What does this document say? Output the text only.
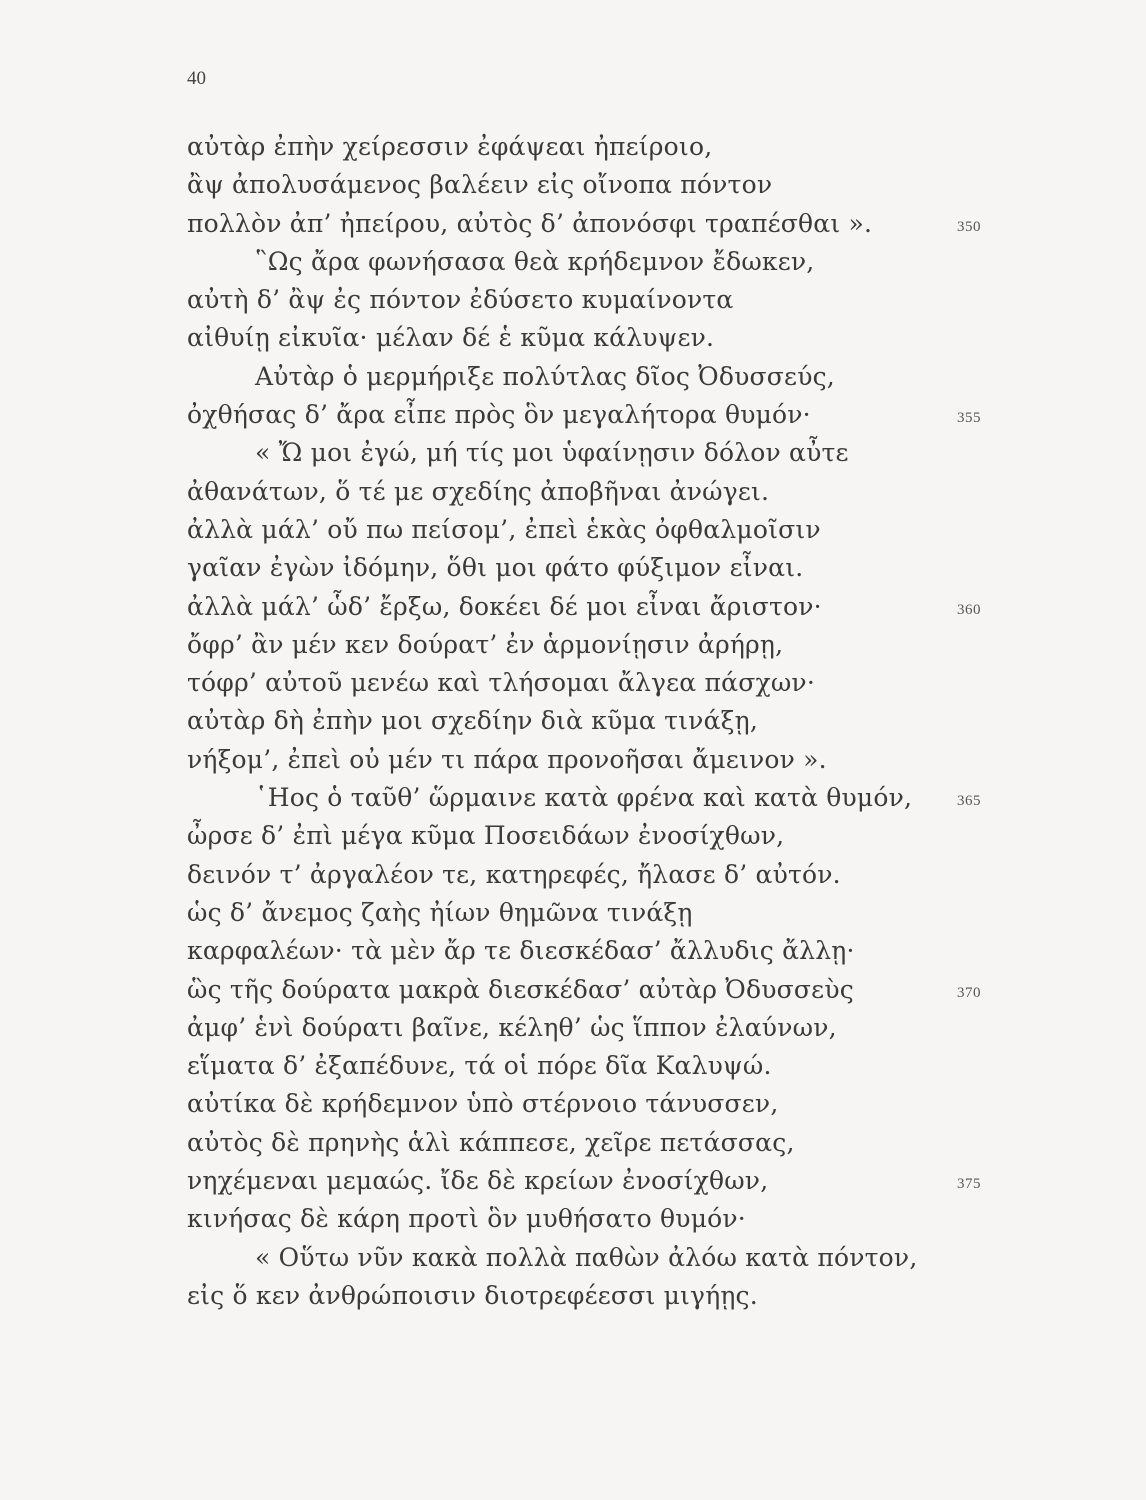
40
αὐτὰρ ἐπὴν χείρεσσιν ἐφάψεαι ἠπείροιο,
ἂψ ἀπολυσάμενος βαλέειν εἰς οἴνοπα πόντον
πολλὸν ἀπ’ ἠπείρου, αὐτὸς δ’ ἀπονόσφι τραπέσθαι ».	350
῝Ως ἄρα φωνήσασα θεὰ κρήδεμνον ἔδωκεν,
αὐτὴ δ’ ἂψ ἐς πόντον ἐδύσετο κυμαίνοντα
αἰθυίῃ εἰκυῖα· μέλαν δέ ἑ κῦμα κάλυψεν.
Αὐτὰρ ὁ μερμήριξε πολύτλας δῖος Ὀδυσσεύς,
ὀχθήσας δ’ ἄρα εἶπε πρὸς ὃν μεγαλήτορα θυμόν·	355
« Ὤ μοι ἐγώ, μή τίς μοι ὑφαίνῃσιν δόλον αὖτε
ἀθανάτων, ὅ τέ με σχεδίης ἀποβῆναι ἀνώγει.
ἀλλὰ μάλ’ οὔ πω πείσομ’, ἐπεὶ ἑκὰς ὀφθαλμοῖσιν
γαῖαν ἐγὼν ἰδόμην, ὅθι μοι φάτο φύξιμον εἶναι.
ἀλλὰ μάλ’ ὧδ’ ἔρξω, δοκέει δέ μοι εἶναι ἄριστον·	360
ὄφρ’ ἂν μέν κεν δούρατ’ ἐν ἁρμονίῃσιν ἀρήρῃ,
τόφρ’ αὐτοῦ μενέω καὶ τλήσομαι ἄλγεα πάσχων·
αὐτὰρ δὴ ἐπὴν μοι σχεδίην διὰ κῦμα τινάξῃ,
νήξομ’, ἐπεὶ οὐ μέν τι πάρα προνοῆσαι ἄμεινον ».
῾Ηος ὁ ταῦθ’ ὥρμαινε κατὰ φρένα καὶ κατὰ θυμόν,	365
ὦρσε δ’ ἐπὶ μέγα κῦμα Ποσειδάων ἐνοσίχθων,
δεινόν τ’ ἀργαλέον τε, κατηρεφές, ἤλασε δ’ αὐτόν.
ὡς δ’ ἄνεμος ζαὴς ἠίων θημῶνα τινάξῃ
καρφαλέων· τὰ μὲν ἄρ τε διεσκέδασ’ ἄλλυδις ἄλλῃ·
ὣς τῆς δούρατα μακρὰ διεσκέδασ’ αὐτὰρ Ὀδυσσεὺς	370
ἀμφ’ ἑνὶ δούρατι βαῖνε, κέληθ’ ὡς ἵππον ἐλαύνων,
εἵματα δ’ ἐξαπέδυνε, τά οἱ πόρε δῖα Καλυψώ.
αὐτίκα δὲ κρήδεμνον ὑπὸ στέρνοιο τάνυσσεν,
αὐτὸς δὲ πρηνὴς ἁλὶ κάππεσε, χεῖρε πετάσσας,
νηχέμεναι μεμαώς. ἴδε δὲ κρείων ἐνοσίχθων,	375
κινήσας δὲ κάρη προτὶ ὃν μυθήσατο θυμόν·
« Οὕτω νῦν κακὰ πολλὰ παθὼν ἀλόω κατὰ πόντον,
εἰς ὅ κεν ἀνθρώποισιν διοτρεφέεσσι μιγήῃς.
